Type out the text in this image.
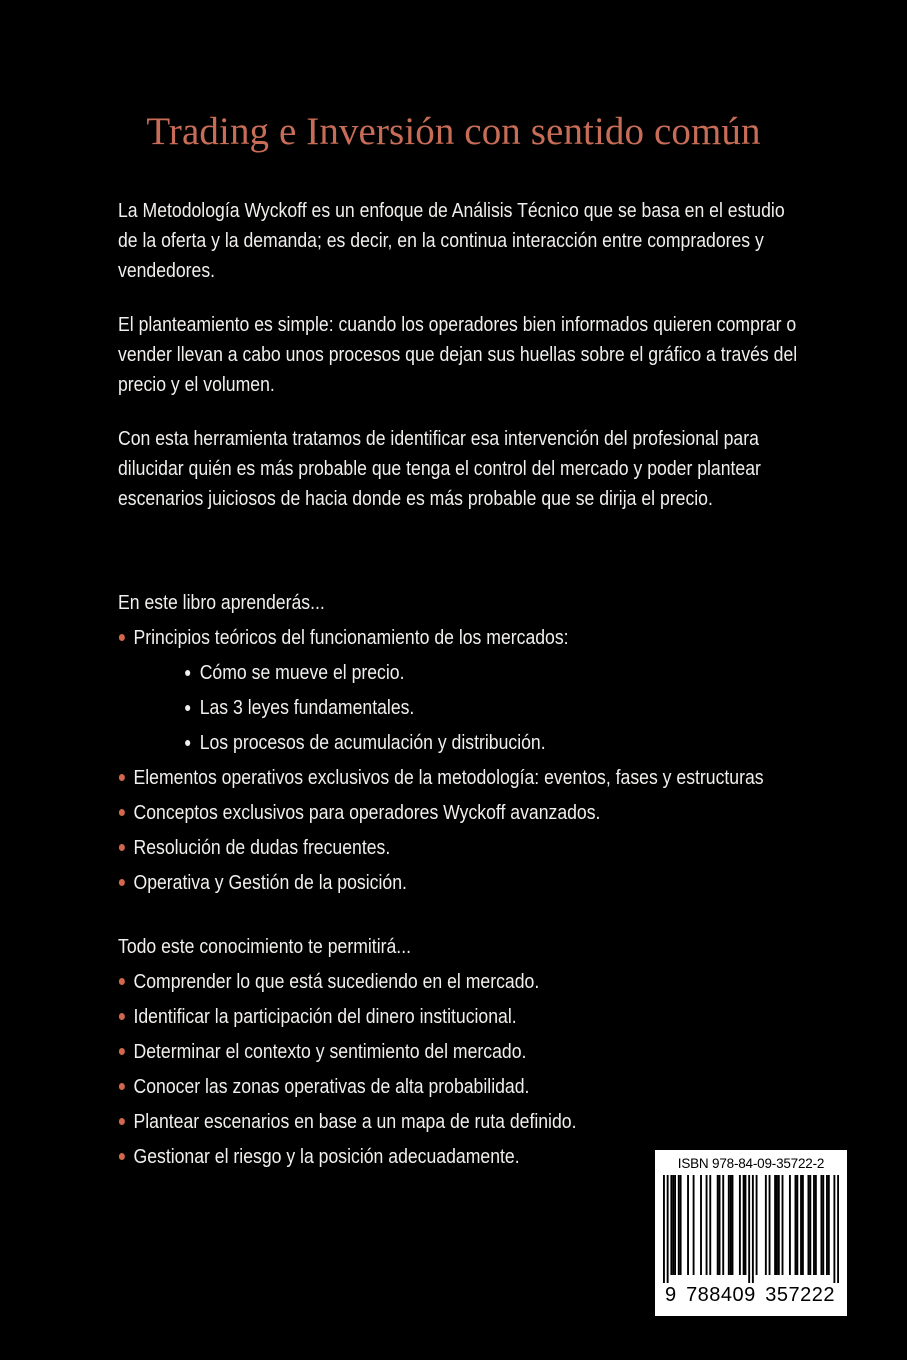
Trading e Inversión con sentido común

La Metodología Wyckoff es un enfoque de Análisis Técnico que se basa en el estudio de la oferta y la demanda; es decir, en la continua interacción entre compradores y vendedores.

El planteamiento es simple: cuando los operadores bien informados quieren comprar o vender llevan a cabo unos procesos que dejan sus huellas sobre el gráfico a través del precio y el volumen.

Con esta herramienta tratamos de identificar esa intervención del profesional para dilucidar quién es más probable que tenga el control del mercado y poder plantear escenarios juiciosos de hacia donde es más probable que se dirija el precio.

En este libro aprenderás...

Principios teóricos del funcionamiento de los mercados:
Cómo se mueve el precio.
Las 3 leyes fundamentales.
Los procesos de acumulación y distribución.
Elementos operativos exclusivos de la metodología: eventos, fases y estructuras
Conceptos exclusivos para operadores Wyckoff avanzados.
Resolución de dudas frecuentes.
Operativa y Gestión de la posición.

Todo este conocimiento te permitirá...

Comprender lo que está sucediendo en el mercado.
Identificar la participación del dinero institucional.
Determinar el contexto y sentimiento del mercado.
Conocer las zonas operativas de alta probabilidad.
Plantear escenarios en base a un mapa de ruta definido.
Gestionar el riesgo y la posición adecuadamente.	ISBN 978-84-09-35722-2
9 788409 357222
